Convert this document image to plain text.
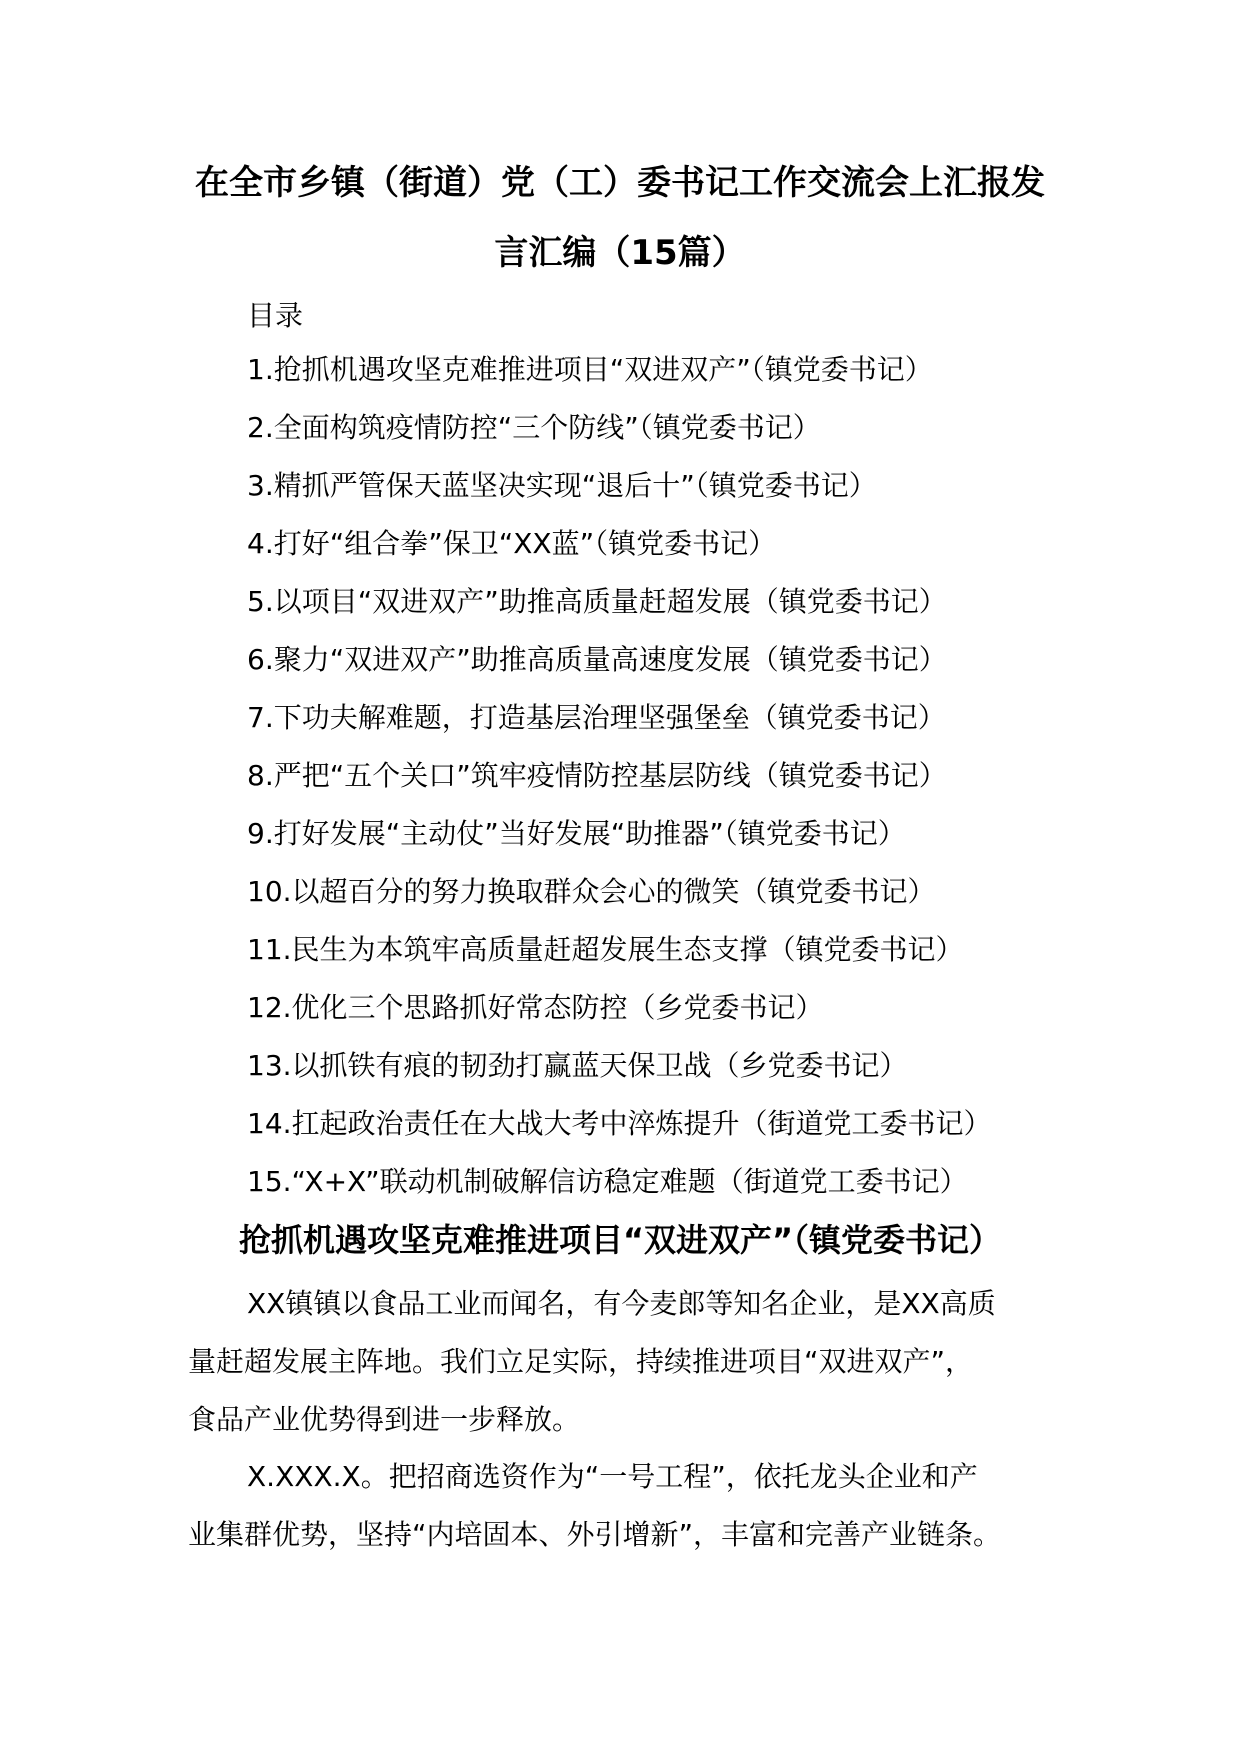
在全市乡镇（街道）党（工）委书记工作交流会上汇报发
言汇编（15篇）
目录
1.抢抓机遇攻坚克难推进项目“双进双产”（镇党委书记）
2.全面构筑疫情防控“三个防线”（镇党委书记）
3.精抓严管保天蓝坚决实现“退后十”（镇党委书记）
4.打好“组合拳”保卫“XX蓝”（镇党委书记）
5.以项目“双进双产”助推高质量赶超发展（镇党委书记）
6.聚力“双进双产”助推高质量高速度发展（镇党委书记）
7.下功夫解难题，打造基层治理坚强堡垒（镇党委书记）
8.严把“五个关口”筑牢疫情防控基层防线（镇党委书记）
9.打好发展“主动仗”当好发展“助推器”（镇党委书记）
10.以超百分的努力换取群众会心的微笑（镇党委书记）
11.民生为本筑牢高质量赶超发展生态支撑（镇党委书记）
12.优化三个思路抓好常态防控（乡党委书记）
13.以抓铁有痕的韧劲打赢蓝天保卫战（乡党委书记）
14.扛起政治责任在大战大考中淬炼提升（街道党工委书记）
15.“X+X”联动机制破解信访稳定难题（街道党工委书记）
抢抓机遇攻坚克难推进项目“双进双产”（镇党委书记）

XX镇镇以食品工业而闻名，有今麦郎等知名企业，是XX高质
量赶超发展主阵地。我们立足实际，持续推进项目“双进双产”，
食品产业优势得到进一步释放。

X.XXX.X。把招商选资作为“一号工程”，依托龙头企业和产
业集群优势，坚持“内培固本、外引增新”，丰富和完善产业链条。
